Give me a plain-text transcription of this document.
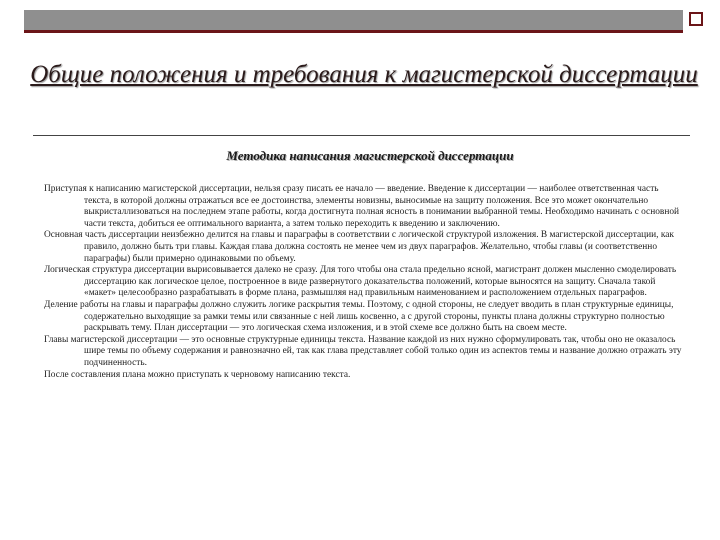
Общие положения и требования к магистерской диссертации
Методика написания магистерской диссертации

Приступая к написанию магистерской диссертации, нельзя сразу писать ее начало — введение. Введение к диссертации — наиболее ответственная часть текста, в которой должны отражаться все ее достоинства, элементы новизны, выносимые на защиту положения. Все это может окончательно выкристаллизоваться на последнем этапе работы, когда достигнута полная ясность в понимании выбранной темы. Необходимо начинать с основной части текста, добиться ее оптимального варианта, а затем только переходить к введению и заключению.

Основная часть диссертации неизбежно делится на главы и параграфы в соответствии с логической структурой изложения. В магистерской диссертации, как правило, должно быть три главы. Каждая глава должна состоять не менее чем из двух параграфов. Желательно, чтобы главы (и соответственно параграфы) были примерно одинаковыми по объему.

Логическая структура диссертации вырисовывается далеко не сразу. Для того чтобы она стала предельно ясной, магистрант должен мысленно смоделировать диссертацию как логическое целое, построенное в виде развернутого доказательства положений, которые выносятся на защиту. Сначала такой «макет» целесообразно разрабатывать в форме плана, размышляя над правильным наименованием и расположением отдельных параграфов.

Деление работы на главы и параграфы должно служить логике раскрытия темы. Поэтому, с одной стороны, не следует вводить в план структурные единицы, содержательно выходящие за рамки темы или связанные с ней лишь косвенно, а с другой стороны, пункты плана должны структурно полностью раскрывать тему. План диссертации — это логическая схема изложения, и в этой схеме все должно быть на своем месте.

Главы магистерской диссертации — это основные структурные единицы текста. Название каждой из них нужно сформулировать так, чтобы оно не оказалось шире темы по объему содержания и равнозначно ей, так как глава представляет собой только один из аспектов темы и название должно отражать эту подчиненность.

После составления плана можно приступать к черновому написанию текста.
